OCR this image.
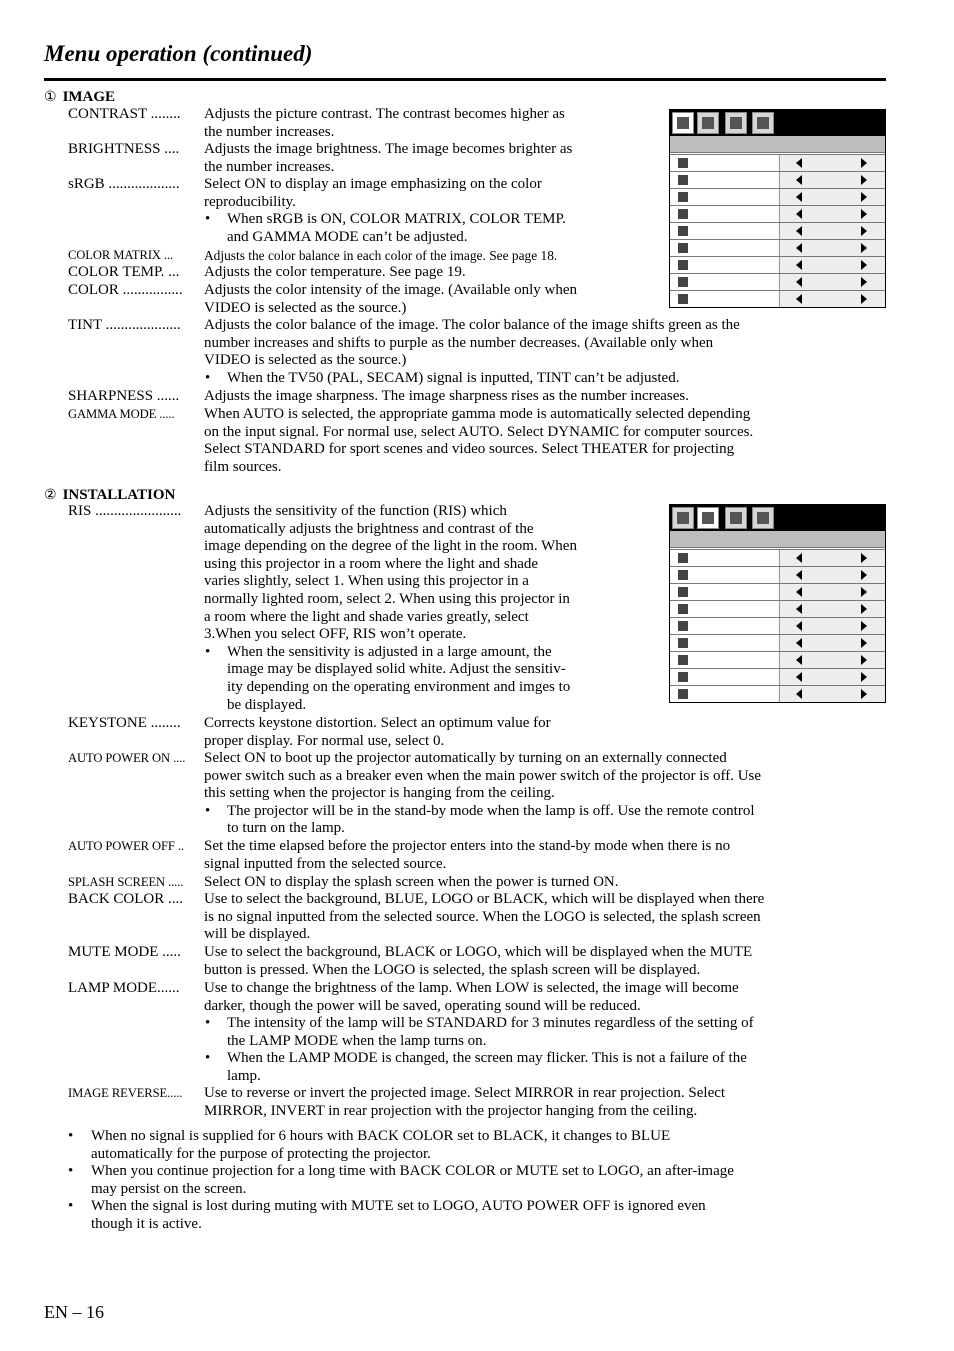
Menu operation (continued)
① IMAGE
CONTRAST ........	Adjusts the picture contrast. The contrast becomes higher as
the number increases.
BRIGHTNESS ....	Adjusts the image brightness. The image becomes brighter as
the number increases.
sRGB ...................	Select ON to display an image emphasizing on the color
reproducibility.
• When sRGB is ON, COLOR MATRIX, COLOR TEMP.
and GAMMA MODE can’t be adjusted.
COLOR MATRIX ...	Adjusts the color balance in each color of the image. See page 18.
COLOR TEMP. ...	Adjusts the color temperature. See page 19.
COLOR ................	Adjusts the color intensity of the image. (Available only when
VIDEO is selected as the source.)
TINT ....................	Adjusts the color balance of the image. The color balance of the image shifts green as the
number increases and shifts to purple as the number decreases. (Available only when
VIDEO is selected as the source.)
• When the TV50 (PAL, SECAM) signal is inputted, TINT can’t be adjusted.
SHARPNESS ......	Adjusts the image sharpness. The image sharpness rises as the number increases.
GAMMA MODE .....	When AUTO is selected, the appropriate gamma mode is automatically selected depending
on the input signal. For normal use, select AUTO. Select DYNAMIC for computer sources.
Select STANDARD for sport scenes and video sources. Select THEATER for projecting
film sources.
② INSTALLATION
RIS .......................	Adjusts the sensitivity of the function (RIS) which
automatically adjusts the brightness and contrast of the
image depending on the degree of the light in the room. When
using this projector in a room where the light and shade
varies slightly, select 1. When using this projector in a
normally lighted room, select 2. When using this projector in
a room where the light and shade varies greatly, select
3.When you select OFF, RIS won’t operate.
• When the sensitivity is adjusted in a large amount, the
image may be displayed solid white. Adjust the sensitiv-
ity depending on the operating environment and imges to
be displayed.
KEYSTONE ........	Corrects keystone distortion. Select an optimum value for
proper display. For normal use, select 0.
AUTO POWER ON ....	Select ON to boot up the projector automatically by turning on an externally connected
power switch such as a breaker even when the main power switch of the projector is off. Use
this setting when the projector is hanging from the ceiling.
• The projector will be in the stand-by mode when the lamp is off. Use the remote control
to turn on the lamp.
AUTO POWER OFF ..	Set the time elapsed before the projector enters into the stand-by mode when there is no
signal inputted from the selected source.
SPLASH SCREEN .....	Select ON to display the splash screen when the power is turned ON.
BACK COLOR ....	Use to select the background, BLUE, LOGO or BLACK, which will be displayed when there
is no signal inputted from the selected source. When the LOGO is selected, the splash screen
will be displayed.
MUTE MODE .....	Use to select the background, BLACK or LOGO, which will be displayed when the MUTE
button is pressed. When the LOGO is selected, the splash screen will be displayed.
LAMP MODE......	Use to change the brightness of the lamp. When LOW is selected, the image will become
darker, though the power will be saved, operating sound will be reduced.
• The intensity of the lamp will be STANDARD for 3 minutes regardless of the setting of
the LAMP MODE when the lamp turns on.
• When the LAMP MODE is changed, the screen may flicker. This is not a failure of the
lamp.
IMAGE REVERSE.....	Use to reverse or invert the projected image. Select MIRROR in rear projection. Select
MIRROR, INVERT in rear projection with the projector hanging from the ceiling.
• When no signal is supplied for 6 hours with BACK COLOR set to BLACK, it changes to BLUE
automatically for the purpose of protecting the projector.
• When you continue projection for a long time with BACK COLOR or MUTE set to LOGO, an after-image
may persist on the screen.
• When the signal is lost during muting with MUTE set to LOGO, AUTO POWER OFF is ignored even
though it is active.
EN – 16
